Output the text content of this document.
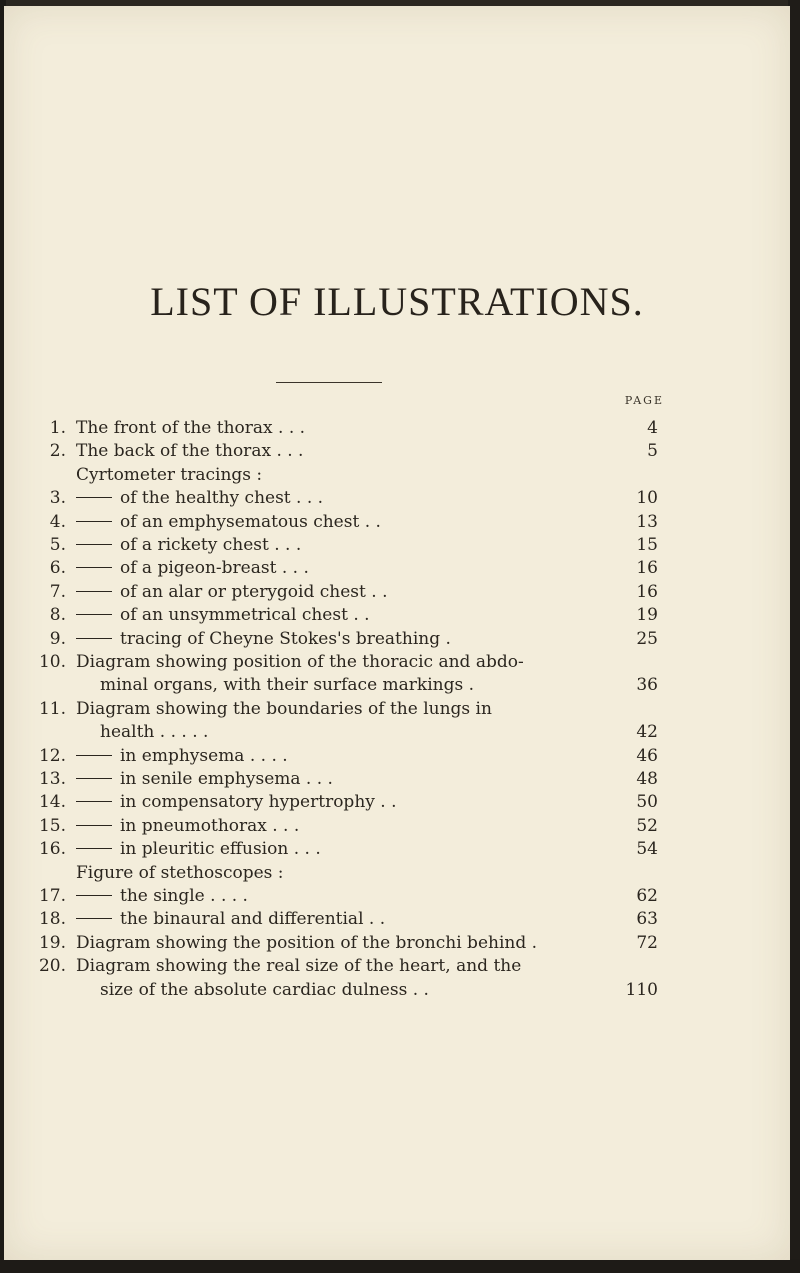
LIST OF ILLUSTRATIONS.
PAGE
1. The front of the thorax . . .	4
2. The back of the thorax . . .	5
Cyrtometer tracings :
3.	of the healthy chest . . .	10
4.	of an emphysematous chest . .	13
5.	of a rickety chest . . .	15
6.	of a pigeon-breast . . .	16
7.	of an alar or pterygoid chest . .	16
8.	of an unsymmetrical chest . .	19
9.	tracing of Cheyne Stokes's breathing .	25
10. Diagram showing position of the thoracic and abdo-
minal organs, with their surface markings .	36
11. Diagram showing the boundaries of the lungs in
health . . . . .	42
12.	in emphysema . . . .	46
13.	in senile emphysema . . .	48
14.	in compensatory hypertrophy . .	50
15.	in pneumothorax . . .	52
16.	in pleuritic effusion . . .	54
Figure of stethoscopes :
17.	the single . . . .	62
18.	the binaural and differential . .	63
19. Diagram showing the position of the bronchi behind .	72
20. Diagram showing the real size of the heart, and the
size of the absolute cardiac dulness . .	110
